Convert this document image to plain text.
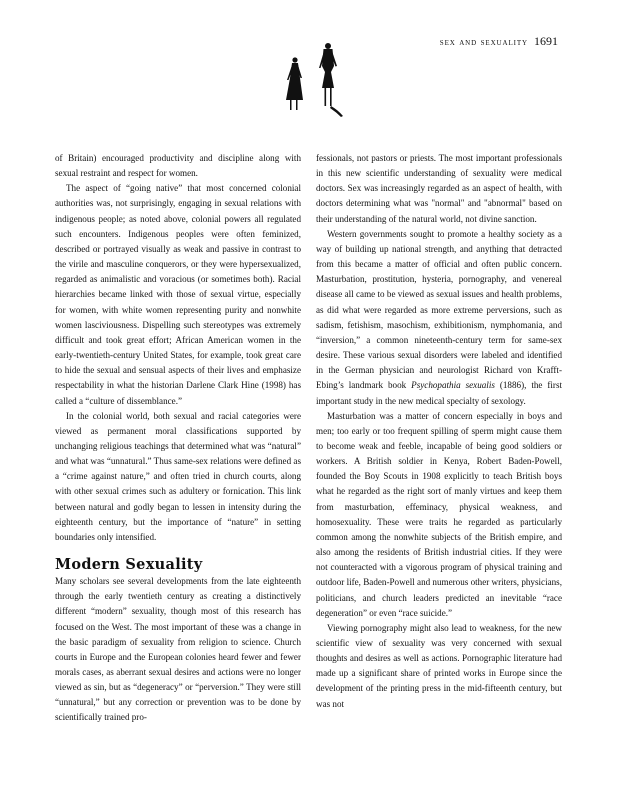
sex and sexuality 1691

of Britain) encouraged productivity and discipline along with sexual restraint and respect for women.

The aspect of “going native” that most concerned colonial authorities was, not surprisingly, engaging in sexual relations with indigenous people; as noted above, colonial powers all regulated such encounters. Indigenous peoples were often feminized, described or portrayed visually as weak and passive in contrast to the virile and masculine conquerors, or they were hypersexualized, regarded as animalistic and voracious (or sometimes both). Racial hierarchies became linked with those of sexual virtue, especially for women, with white women representing purity and nonwhite women lasciviousness. Dispelling such stereotypes was extremely difficult and took great effort; African American women in the early-twentieth-century United States, for example, took great care to hide the sexual and sensual aspects of their lives and emphasize respectability in what the historian Darlene Clark Hine (1998) has called a “culture of dissemblance.”

In the colonial world, both sexual and racial categories were viewed as permanent moral classifications supported by unchanging religious teachings that determined what was “natural” and what was “unnatural.” Thus same-sex relations were defined as a “crime against nature,” and often tried in church courts, along with other sexual crimes such as adultery or fornication. This link between natural and godly began to lessen in intensity during the eighteenth century, but the importance of “nature” in setting boundaries only intensified.

Modern Sexuality

Many scholars see several developments from the late eighteenth through the early twentieth century as creating a distinctively different “modern” sexuality, though most of this research has focused on the West. The most important of these was a change in the basic paradigm of sexuality from religion to science. Church courts in Europe and the European colonies heard fewer and fewer morals cases, as aberrant sexual desires and actions were no longer viewed as sin, but as “degeneracy” or “perversion.” They were still “unnatural,” but any correction or prevention was to be done by scientifically trained pro-

fessionals, not pastors or priests. The most important professionals in this new scientific understanding of sexuality were medical doctors. Sex was increasingly regarded as an aspect of health, with doctors determining what was "normal" and "abnormal" based on their understanding of the natural world, not divine sanction.

Western governments sought to promote a healthy society as a way of building up national strength, and anything that detracted from this became a matter of official and often public concern. Masturbation, prostitution, hysteria, pornography, and venereal disease all came to be viewed as sexual issues and health problems, as did what were regarded as more extreme perversions, such as sadism, fetishism, masochism, exhibitionism, nymphomania, and “inversion,” a common nineteenth-century term for same-sex desire. These various sexual disorders were labeled and identified in the German physician and neurologist Richard von Krafft-Ebing’s landmark book Psychopathia sexualis (1886), the first important study in the new medical specialty of sexology.

Masturbation was a matter of concern especially in boys and men; too early or too frequent spilling of sperm might cause them to become weak and feeble, incapable of being good soldiers or workers. A British soldier in Kenya, Robert Baden-Powell, founded the Boy Scouts in 1908 explicitly to teach British boys what he regarded as the right sort of manly virtues and keep them from masturbation, effeminacy, physical weakness, and homosexuality. These were traits he regarded as particularly common among the nonwhite subjects of the British empire, and also among the residents of British industrial cities. If they were not counteracted with a vigorous program of physical training and outdoor life, Baden-Powell and numerous other writers, physicians, politicians, and church leaders predicted an inevitable “race degeneration” or even “race suicide.”

Viewing pornography might also lead to weakness, for the new scientific view of sexuality was very concerned with sexual thoughts and desires as well as actions. Pornographic literature had made up a significant share of printed works in Europe since the development of the printing press in the mid-fifteenth century, but was not
